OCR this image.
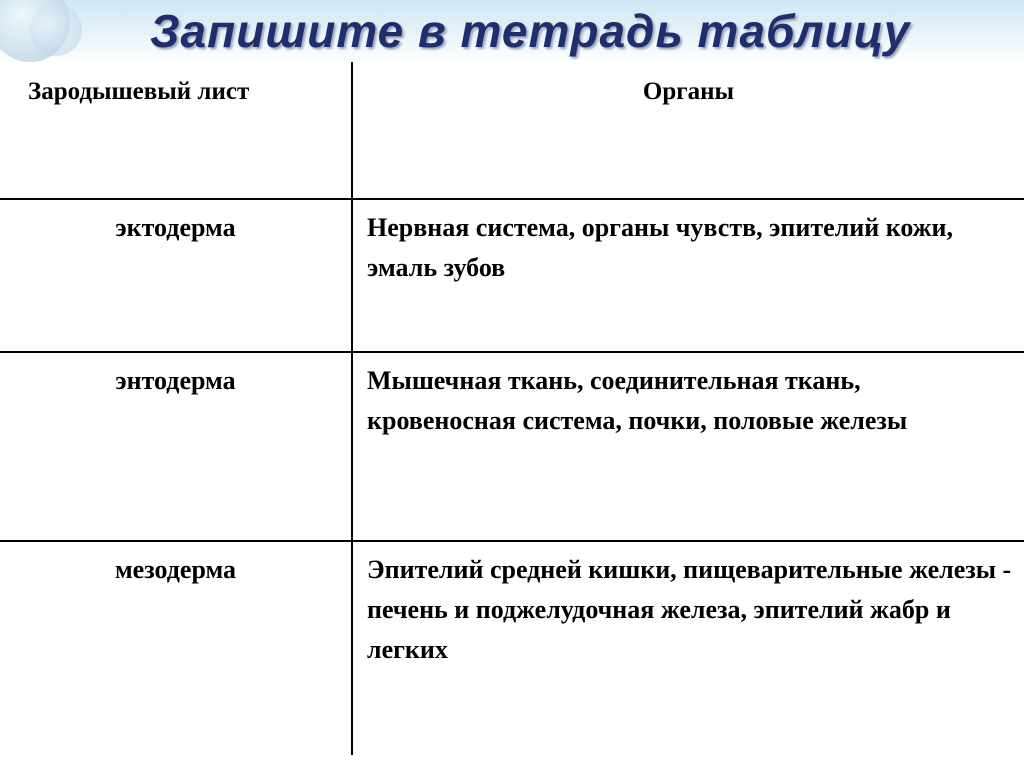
Запишите в тетрадь таблицу
Зародышевый лист	Органы
эктодерма	Нервная система, органы чувств, эпителий кожи, эмаль зубов
энтодерма	Мышечная ткань, соединительная ткань, кровеносная система, почки, половые железы
мезодерма	Эпителий средней кишки, пищеварительные железы - печень и поджелудочная железа, эпителий жабр и легких
